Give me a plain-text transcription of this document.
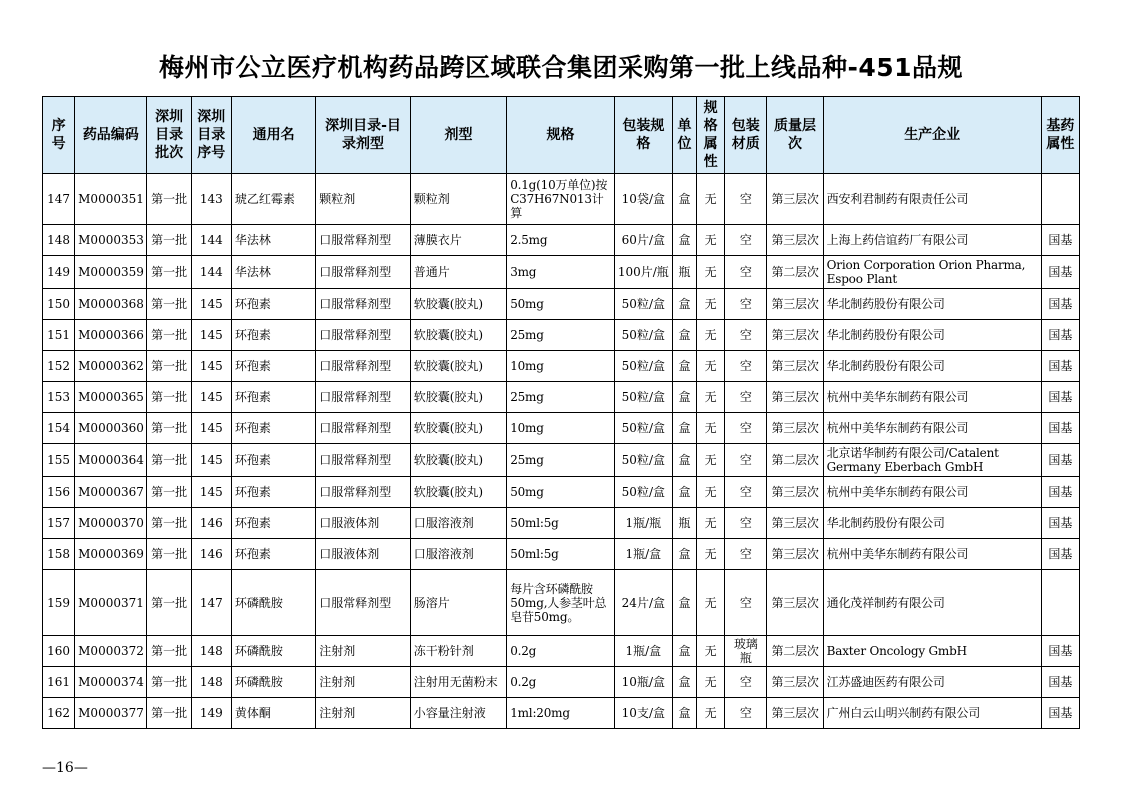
梅州市公立医疗机构药品跨区域联合集团采购第一批上线品种-451品规
序号	药品编码	深圳目录批次	深圳目录序号	通用名	深圳目录-目录剂型	剂型	规格	包装规格	单位	规格属性	包装材质	质量层次	生产企业	基药属性
147	M0000351	第一批	143	琥乙红霉素	颗粒剂	颗粒剂	0.1g(10万单位)按C37H67N013计算	10袋/盒	盒	无	空	第三层次	西安利君制药有限责任公司	
148	M0000353	第一批	144	华法林	口服常释剂型	薄膜衣片	2.5mg	60片/盒	盒	无	空	第三层次	上海上药信谊药厂有限公司	国基
149	M0000359	第一批	144	华法林	口服常释剂型	普通片	3mg	100片/瓶	瓶	无	空	第二层次	Orion Corporation Orion Pharma, Espoo Plant	国基
150	M0000368	第一批	145	环孢素	口服常释剂型	软胶囊(胶丸)	50mg	50粒/盒	盒	无	空	第三层次	华北制药股份有限公司	国基
151	M0000366	第一批	145	环孢素	口服常释剂型	软胶囊(胶丸)	25mg	50粒/盒	盒	无	空	第三层次	华北制药股份有限公司	国基
152	M0000362	第一批	145	环孢素	口服常释剂型	软胶囊(胶丸)	10mg	50粒/盒	盒	无	空	第三层次	华北制药股份有限公司	国基
153	M0000365	第一批	145	环孢素	口服常释剂型	软胶囊(胶丸)	25mg	50粒/盒	盒	无	空	第三层次	杭州中美华东制药有限公司	国基
154	M0000360	第一批	145	环孢素	口服常释剂型	软胶囊(胶丸)	10mg	50粒/盒	盒	无	空	第三层次	杭州中美华东制药有限公司	国基
155	M0000364	第一批	145	环孢素	口服常释剂型	软胶囊(胶丸)	25mg	50粒/盒	盒	无	空	第二层次	北京诺华制药有限公司/Catalent Germany Eberbach GmbH	国基
156	M0000367	第一批	145	环孢素	口服常释剂型	软胶囊(胶丸)	50mg	50粒/盒	盒	无	空	第三层次	杭州中美华东制药有限公司	国基
157	M0000370	第一批	146	环孢素	口服液体剂	口服溶液剂	50ml:5g	1瓶/瓶	瓶	无	空	第三层次	华北制药股份有限公司	国基
158	M0000369	第一批	146	环孢素	口服液体剂	口服溶液剂	50ml:5g	1瓶/盒	盒	无	空	第三层次	杭州中美华东制药有限公司	国基
159	M0000371	第一批	147	环磷酰胺	口服常释剂型	肠溶片	每片含环磷酰胺50mg,人参茎叶总皂苷50mg。	24片/盒	盒	无	空	第三层次	通化茂祥制药有限公司	
160	M0000372	第一批	148	环磷酰胺	注射剂	冻干粉针剂	0.2g	1瓶/盒	盒	无	玻璃瓶	第二层次	Baxter Oncology GmbH	国基
161	M0000374	第一批	148	环磷酰胺	注射剂	注射用无菌粉末	0.2g	10瓶/盒	盒	无	空	第三层次	江苏盛迪医药有限公司	国基
162	M0000377	第一批	149	黄体酮	注射剂	小容量注射液	1ml:20mg	10支/盒	盒	无	空	第三层次	广州白云山明兴制药有限公司	国基
—16—
